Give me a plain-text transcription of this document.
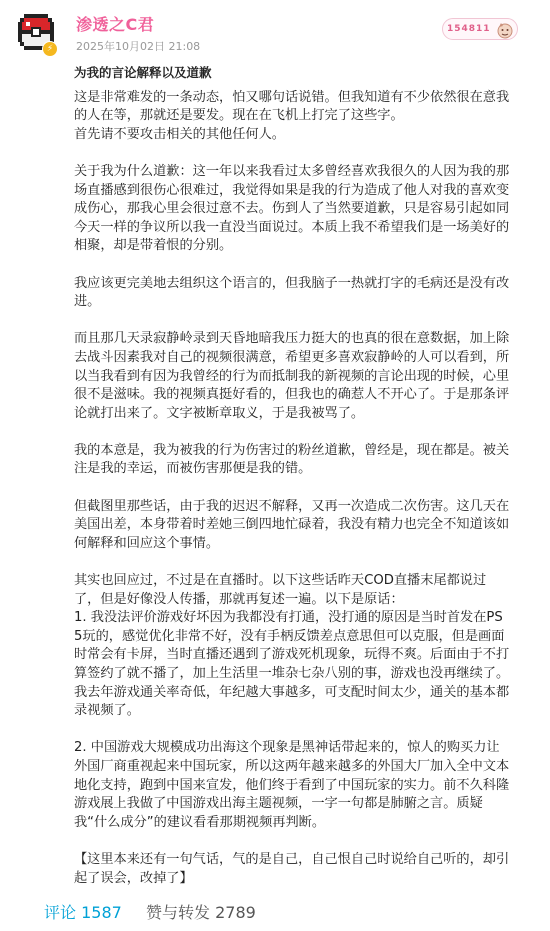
⚡
渗透之C君
2025年10月02日 21:08
154811
为我的言论解释以及道歉

这是非常难发的一条动态，怕又哪句话说错。但我知道有不少依然很在意我的人在等，那就还是要发。现在在飞机上打完了这些字。
首先请不要攻击相关的其他任何人。

关于我为什么道歉：这一年以来我看过太多曾经喜欢我很久的人因为我的那场直播感到很伤心很难过，我觉得如果是我的行为造成了他人对我的喜欢变成伤心，那我心里会很过意不去。伤到人了当然要道歉，只是容易引起如同今天一样的争议所以我一直没当面说过。本质上我不希望我们是一场美好的相聚，却是带着恨的分别。

我应该更完美地去组织这个语言的，但我脑子一热就打字的毛病还是没有改进。

而且那几天录寂静岭录到天昏地暗我压力挺大的也真的很在意数据，加上除去战斗因素我对自己的视频很满意，希望更多喜欢寂静岭的人可以看到，所以当我看到有因为我曾经的行为而抵制我的新视频的言论出现的时候，心里很不是滋味。我的视频真挺好看的，但我也的确惹人不开心了。于是那条评论就打出来了。文字被断章取义，于是我被骂了。

我的本意是，我为被我的行为伤害过的粉丝道歉，曾经是，现在都是。被关注是我的幸运，而被伤害那便是我的错。

但截图里那些话，由于我的迟迟不解释，又再一次造成二次伤害。这几天在美国出差，本身带着时差她三倒四地忙碌着，我没有精力也完全不知道该如何解释和回应这个事情。

其实也回应过，不过是在直播时。以下这些话昨天COD直播末尾都说过了，但是好像没人传播，那就再复述一遍。以下是原话：
1. 我没法评价游戏好坏因为我都没有打通，没打通的原因是当时首发在PS5玩的，感觉优化非常不好，没有手柄反馈差点意思但可以克服，但是画面时常会有卡屏，当时直播还遇到了游戏死机现象，玩得不爽。后面由于不打算签约了就不播了，加上生活里一堆杂七杂八别的事，游戏也没再继续了。我去年游戏通关率奇低，年纪越大事越多，可支配时间太少，通关的基本都录视频了。

2. 中国游戏大规模成功出海这个现象是黑神话带起来的，惊人的购买力让外国厂商重视起来中国玩家，所以这两年越来越多的外国大厂加入全中文本地化支持，跑到中国来宣发，他们终于看到了中国玩家的实力。前不久科隆游戏展上我做了中国游戏出海主题视频，一字一句都是肺腑之言。质疑我“什么成分”的建议看看那期视频再判断。

【这里本来还有一句气话，气的是自己，自己恨自己时说给自己听的，却引起了误会，改掉了】

评论 1587 赞与转发 2789
